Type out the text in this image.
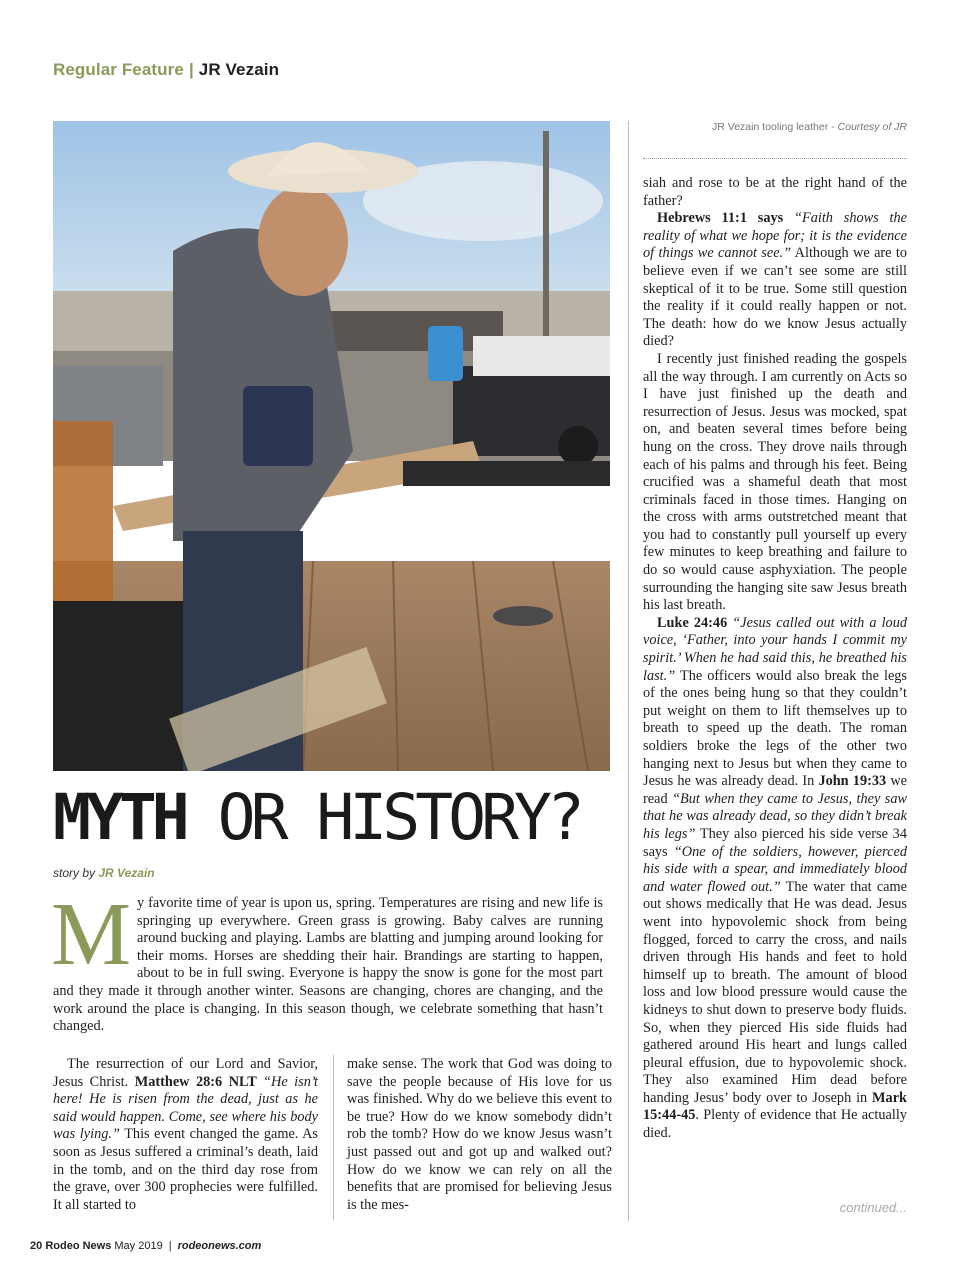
Regular Feature | JR Vezain
JR Vezain tooling leather - Courtesy of JR
MYTH OR HISTORY?
story by JR Vezain
My favorite time of year is upon us, spring. Temperatures are rising and new life is springing up everywhere. Green grass is growing. Baby calves are running around bucking and playing. Lambs are blatting and jumping around looking for their moms. Horses are shedding their hair. Brandings are starting to happen, about to be in full swing. Everyone is happy the snow is gone for the most part and they made it through another winter. Seasons are changing, chores are changing, and the work around the place is changing. In this season though, we celebrate something that hasn’t changed.

The resurrection of our Lord and Savior, Jesus Christ. Matthew 28:6 NLT “He isn’t here! He is risen from the dead, just as he said would happen. Come, see where his body was lying.” This event changed the game. As soon as Jesus suffered a criminal’s death, laid in the tomb, and on the third day rose from the grave, over 300 prophecies were fulfilled. It all started to

make sense. The work that God was doing to save the people because of His love for us was finished. Why do we believe this event to be true? How do we know somebody didn’t rob the tomb? How do we know Jesus wasn’t just passed out and got up and walked out? How do we know we can rely on all the benefits that are promised for believing Jesus is the mes-

siah and rose to be at the right hand of the father?

Hebrews 11:1 says “Faith shows the reality of what we hope for; it is the evidence of things we cannot see.” Although we are to believe even if we can’t see some are still skeptical of it to be true. Some still question the reality if it could really happen or not. The death: how do we know Jesus actually died?

I recently just finished reading the gospels all the way through. I am currently on Acts so I have just finished up the death and resurrection of Jesus. Jesus was mocked, spat on, and beaten several times before being hung on the cross. They drove nails through each of his palms and through his feet. Being crucified was a shameful death that most criminals faced in those times. Hanging on the cross with arms outstretched meant that you had to constantly pull yourself up every few minutes to keep breathing and failure to do so would cause asphyxiation. The people surrounding the hanging site saw Jesus breath his last breath.

Luke 24:46 “Jesus called out with a loud voice, ‘Father, into your hands I commit my spirit.’ When he had said this, he breathed his last.” The officers would also break the legs of the ones being hung so that they couldn’t put weight on them to lift themselves up to breath to speed up the death. The roman soldiers broke the legs of the other two hanging next to Jesus but when they came to Jesus he was already dead. In John 19:33 we read “But when they came to Jesus, they saw that he was already dead, so they didn’t break his legs” They also pierced his side verse 34 says “One of the soldiers, however, pierced his side with a spear, and immediately blood and water flowed out.” The water that came out shows medically that He was dead. Jesus went into hypovolemic shock from being flogged, forced to carry the cross, and nails driven through His hands and feet to hold himself up to breath. The amount of blood loss and low blood pressure would cause the kidneys to shut down to preserve body fluids. So, when they pierced His side fluids had gathered around His heart and lungs called pleural effusion, due to hypovolemic shock. They also examined Him dead before handing Jesus’ body over to Joseph in Mark 15:44-45. Plenty of evidence that He actually died.

continued...
20 Rodeo News May 2019 | rodeonews.com
